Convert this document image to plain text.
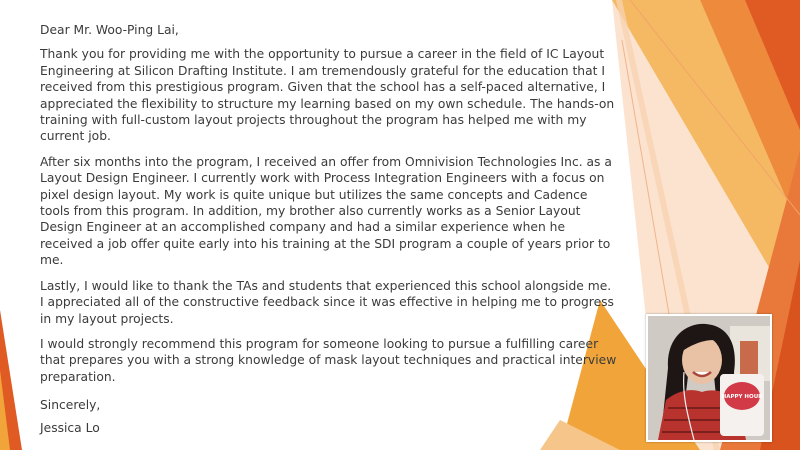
Dear Mr. Woo-Ping Lai,

Thank you for providing me with the opportunity to pursue a career in the field of IC Layout Engineering at Silicon Drafting Institute. I am tremendously grateful for the education that I received from this prestigious program. Given that the school has a self-paced alternative, I appreciated the flexibility to structure my learning based on my own schedule. The hands-on training with full-custom layout projects throughout the program has helped me with my current job.

After six months into the program, I received an offer from Omnivision Technologies Inc. as a Layout Design Engineer. I currently work with Process Integration Engineers with a focus on pixel design layout. My work is quite unique but utilizes the same concepts and Cadence tools from this program. In addition, my brother also currently works as a Senior Layout Design Engineer at an accomplished company and had a similar experience when he received a job offer quite early into his training at the SDI program a couple of years prior to me.

Lastly, I would like to thank the TAs and students that experienced this school alongside me. I appreciated all of the constructive feedback since it was effective in helping me to progress in my layout projects.

I would strongly recommend this program for someone looking to pursue a fulfilling career that prepares you with a strong knowledge of mask layout techniques and practical interview preparation.

Sincerely,
Jessica Lo
HAPPY HOUR
